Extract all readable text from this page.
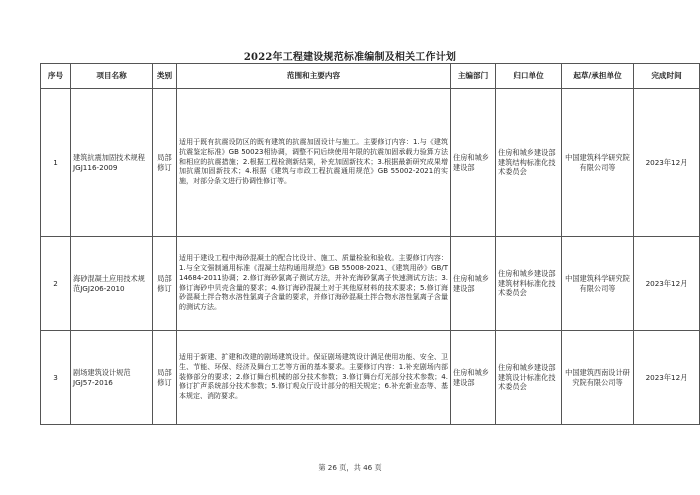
2022年工程建设规范标准编制及相关工作计划
序号	项目名称	类别	范围和主要内容	主编部门	归口单位	起草/承担单位	完成时间
1	建筑抗震加固技术规程JGJ116-2009	局部修订	适用于既有抗震设防区的既有建筑的抗震加固设计与施工。主要修订内容：1.与《建筑抗震鉴定标准》GB 50023相协调，调整不同后续使用年限的抗震加固承载力验算方法和相应的抗震措施；2.根据工程检测新结果，补充加固新技术；3.根据最新研究成果增加抗震加固新技术；4.根据《建筑与市政工程抗震通用规范》GB 55002-2021的实施，对部分条文进行协调性修订等。	住房和城乡建设部	住房和城乡建设部建筑结构标准化技术委员会	中国建筑科学研究院有限公司等	2023年12月
2	海砂混凝土应用技术规范JGJ206-2010	局部修订	适用于建设工程中海砂混凝土的配合比设计、施工、质量检验和验收。主要修订内容：1.与全文强制通用标准《混凝土结构通用规范》GB 55008-2021、《建筑用砂》GB/T 14684-2011协调；2.修订海砂氯离子测试方法，并补充海砂氯离子快速测试方法；3.修订海砂中贝壳含量的要求；4.修订海砂混凝土对于其他原材料的技术要求；5.修订海砂混凝土拌合物水溶性氯离子含量的要求，并修订海砂混凝土拌合物水溶性氯离子含量的测试方法。	住房和城乡建设部	住房和城乡建设部建筑材料标准化技术委员会	中国建筑科学研究院有限公司等	2023年12月
3	剧场建筑设计规范JGJ57-2016	局部修订	适用于新建、扩建和改建的剧场建筑设计。保证剧场建筑设计满足使用功能、安全、卫生、节能、环保、经济及舞台工艺等方面的基本要求。主要修订内容：1.补充剧场内部装修部分的要求；2.修订舞台机械的部分技术参数；3.修订舞台灯光部分技术参数；4.修订扩声系统部分技术参数；5.修订观众厅设计部分的相关规定；6.补充新业态等、基本规定、消防要求。	住房和城乡建设部	住房和城乡建设部建筑设计标准化技术委员会	中国建筑西南设计研究院有限公司等	2023年12月
第 26 页，共 46 页
